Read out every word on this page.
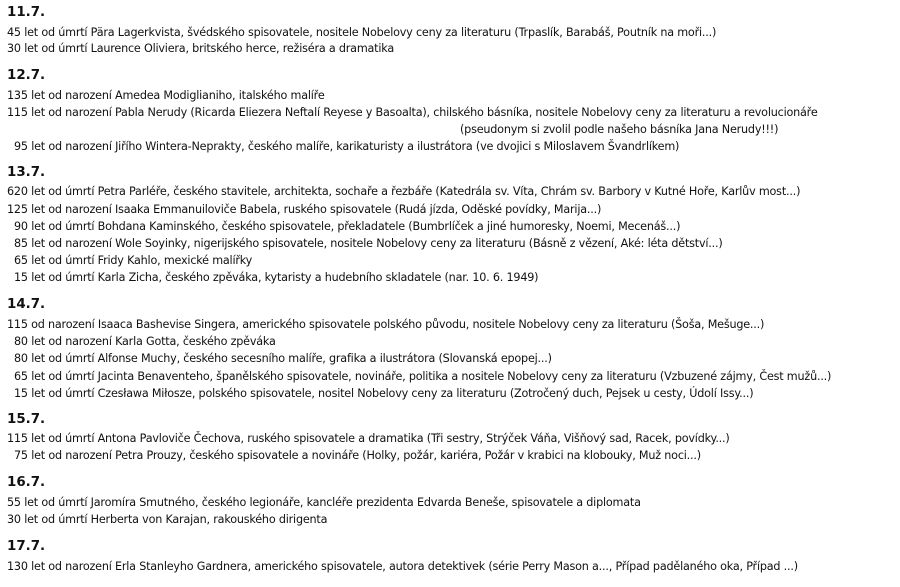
11.7.
45 let od úmrtí Pära Lagerkvista, švédského spisovatele, nositele Nobelovy ceny za literaturu (Trpaslík, Barabáš, Poutník na moři...)
30 let od úmrtí Laurence Oliviera, britského herce, režiséra a dramatika
12.7.
135 let od narození Amedea Modiglianiho, italského malíře
115 let od narození Pabla Nerudy (Ricarda Eliezera Neftalí Reyese y Basoalta), chilského básníka, nositele Nobelovy ceny za literaturu a revolucionáře
(pseudonym si zvolil podle našeho básníka Jana Nerudy!!!)
95 let od narození Jiřího Wintera-Neprakty, českého malíře, karikaturisty a ilustrátora (ve dvojici s Miloslavem Švandrlíkem)
13.7.
620 let od úmrtí Petra Parléře, českého stavitele, architekta, sochaře a řezbáře (Katedrála sv. Víta, Chrám sv. Barbory v Kutné Hoře, Karlův most...)
125 let od narození Isaaka Emmanuiloviče Babela, ruského spisovatele (Rudá jízda, Oděské povídky, Marija...)
90 let od úmrtí Bohdana Kaminského, českého spisovatele, překladatele (Bumbrlíček a jiné humoresky, Noemi, Mecenáš...)
85 let od narození Wole Soyinky, nigerijského spisovatele, nositele Nobelovy ceny za literaturu (Básně z vězení, Aké: léta dětství...)
65 let od úmrtí Fridy Kahlo, mexické malířky
15 let od úmrtí Karla Zicha, českého zpěváka, kytaristy a hudebního skladatele (nar. 10. 6. 1949)
14.7.
115 od narození Isaaca Bashevise Singera, amerického spisovatele polského původu, nositele Nobelovy ceny za literaturu (Šoša, Mešuge...)
80 let od narození Karla Gotta, českého zpěváka
80 let od úmrtí Alfonse Muchy, českého secesního malíře, grafika a ilustrátora (Slovanská epopej...)
65 let od úmrtí Jacinta Benaventeho, španělského spisovatele, novináře, politika a nositele Nobelovy ceny za literaturu (Vzbuzené zájmy, Čest mužů...)
15 let od úmrtí Czesława Miłosze, polského spisovatele, nositel Nobelovy ceny za literaturu (Zotročený duch, Pejsek u cesty, Údolí Issy...)
15.7.
115 let od úmrtí Antona Pavloviče Čechova, ruského spisovatele a dramatika (Tři sestry, Strýček Váňa, Višňový sad, Racek, povídky...)
75 let od narození Petra Prouzy, českého spisovatele a novináře (Holky, požár, kariéra, Požár v krabici na klobouky, Muž noci...)
16.7.
55 let od úmrtí Jaromíra Smutného, českého legionáře, kancléře prezidenta Edvarda Beneše, spisovatele a diplomata
30 let od úmrtí Herberta von Karajan, rakouského dirigenta
17.7.
130 let od narození Erla Stanleyho Gardnera, amerického spisovatele, autora detektivek (série Perry Mason a..., Případ padělaného oka, Případ ...)
